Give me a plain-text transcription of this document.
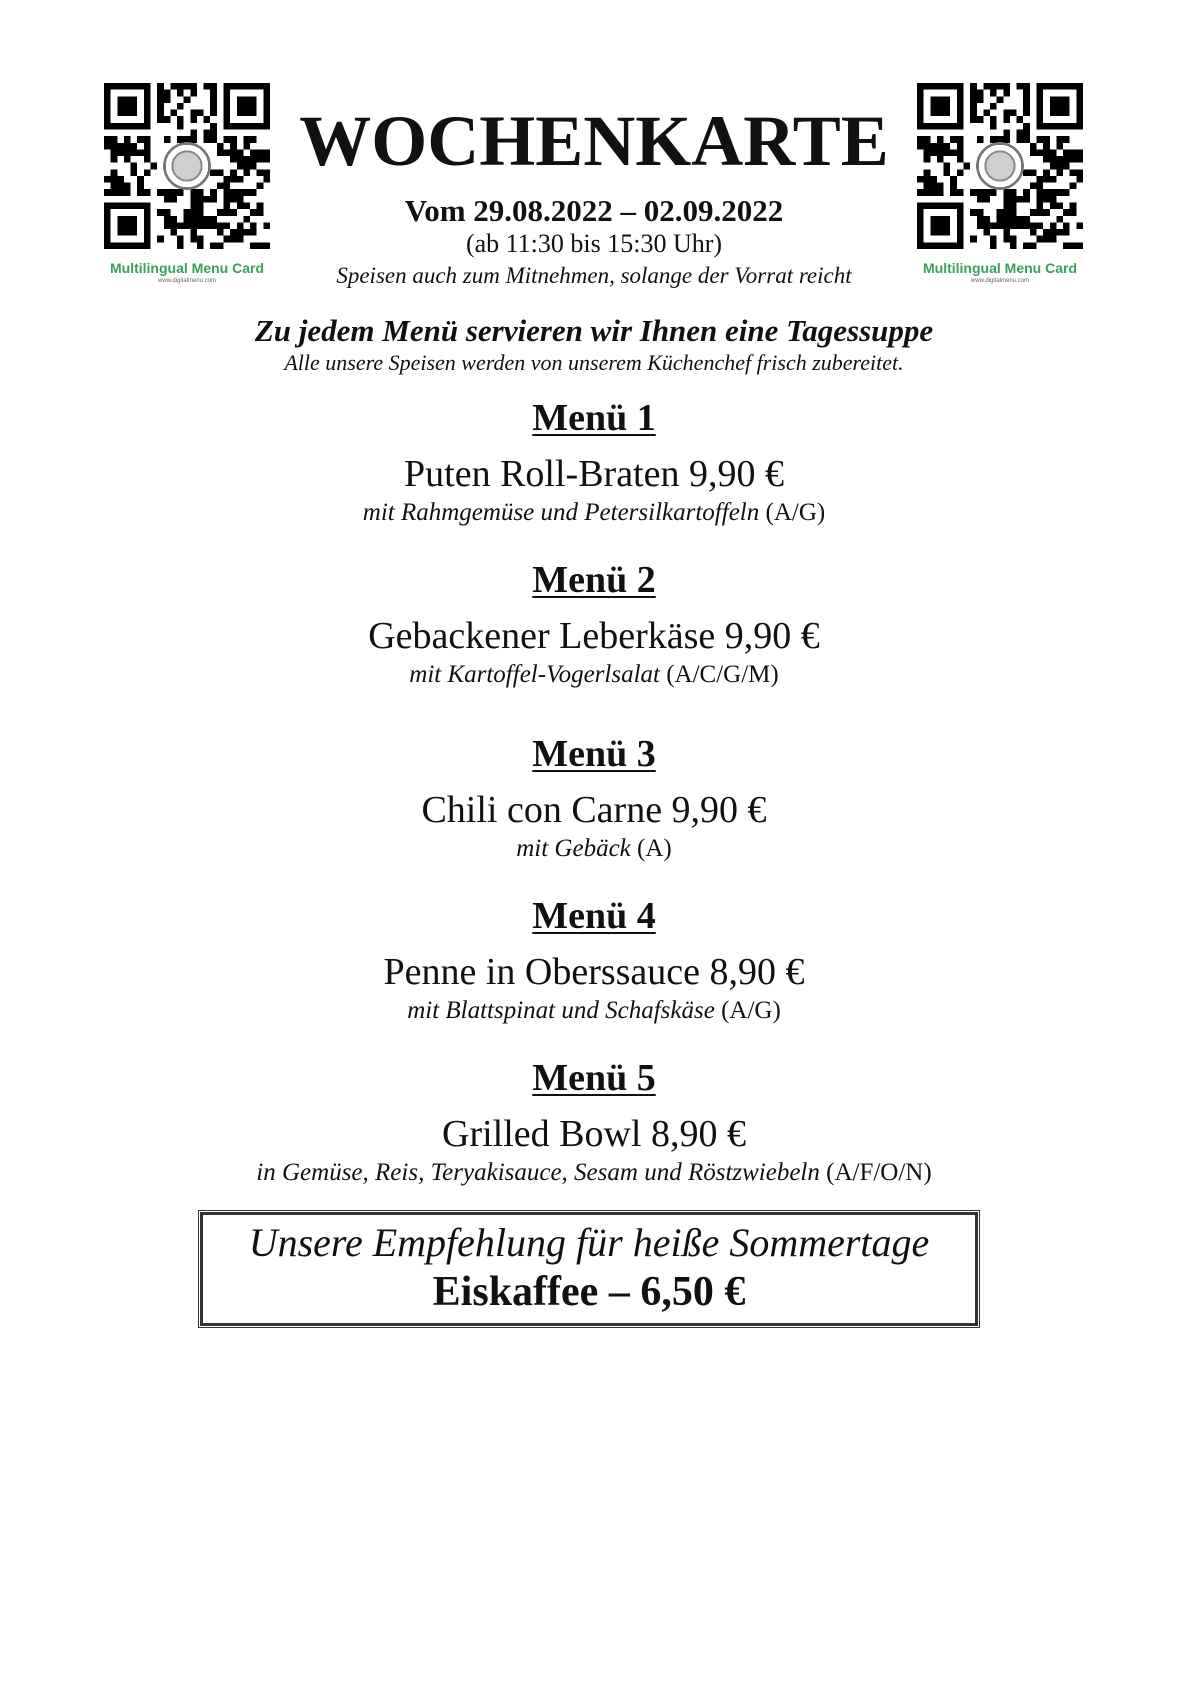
Multilingual Menu Card
www.digitalmenu.com
Multilingual Menu Card
www.digitalmenu.com
WOCHENKARTE
Vom 29.08.2022 – 02.09.2022
(ab 11:30 bis 15:30 Uhr)
Speisen auch zum Mitnehmen, solange der Vorrat reicht
Zu jedem Menü servieren wir Ihnen eine Tagessuppe
Alle unsere Speisen werden von unserem Küchenchef frisch zubereitet.
Menü 1
Puten Roll-Braten 9,90 €
mit Rahmgemüse und Petersilkartoffeln (A/G)
Menü 2
Gebackener Leberkäse 9,90 €
mit Kartoffel-Vogerlsalat (A/C/G/M)
Menü 3
Chili con Carne 9,90 €
mit Gebäck (A)
Menü 4
Penne in Oberssauce 8,90 €
mit Blattspinat und Schafskäse (A/G)
Menü 5
Grilled Bowl 8,90 €
in Gemüse, Reis, Teryakisauce, Sesam und Röstzwiebeln (A/F/O/N)
Unsere Empfehlung für heiße Sommertage
Eiskaffee – 6,50 €
